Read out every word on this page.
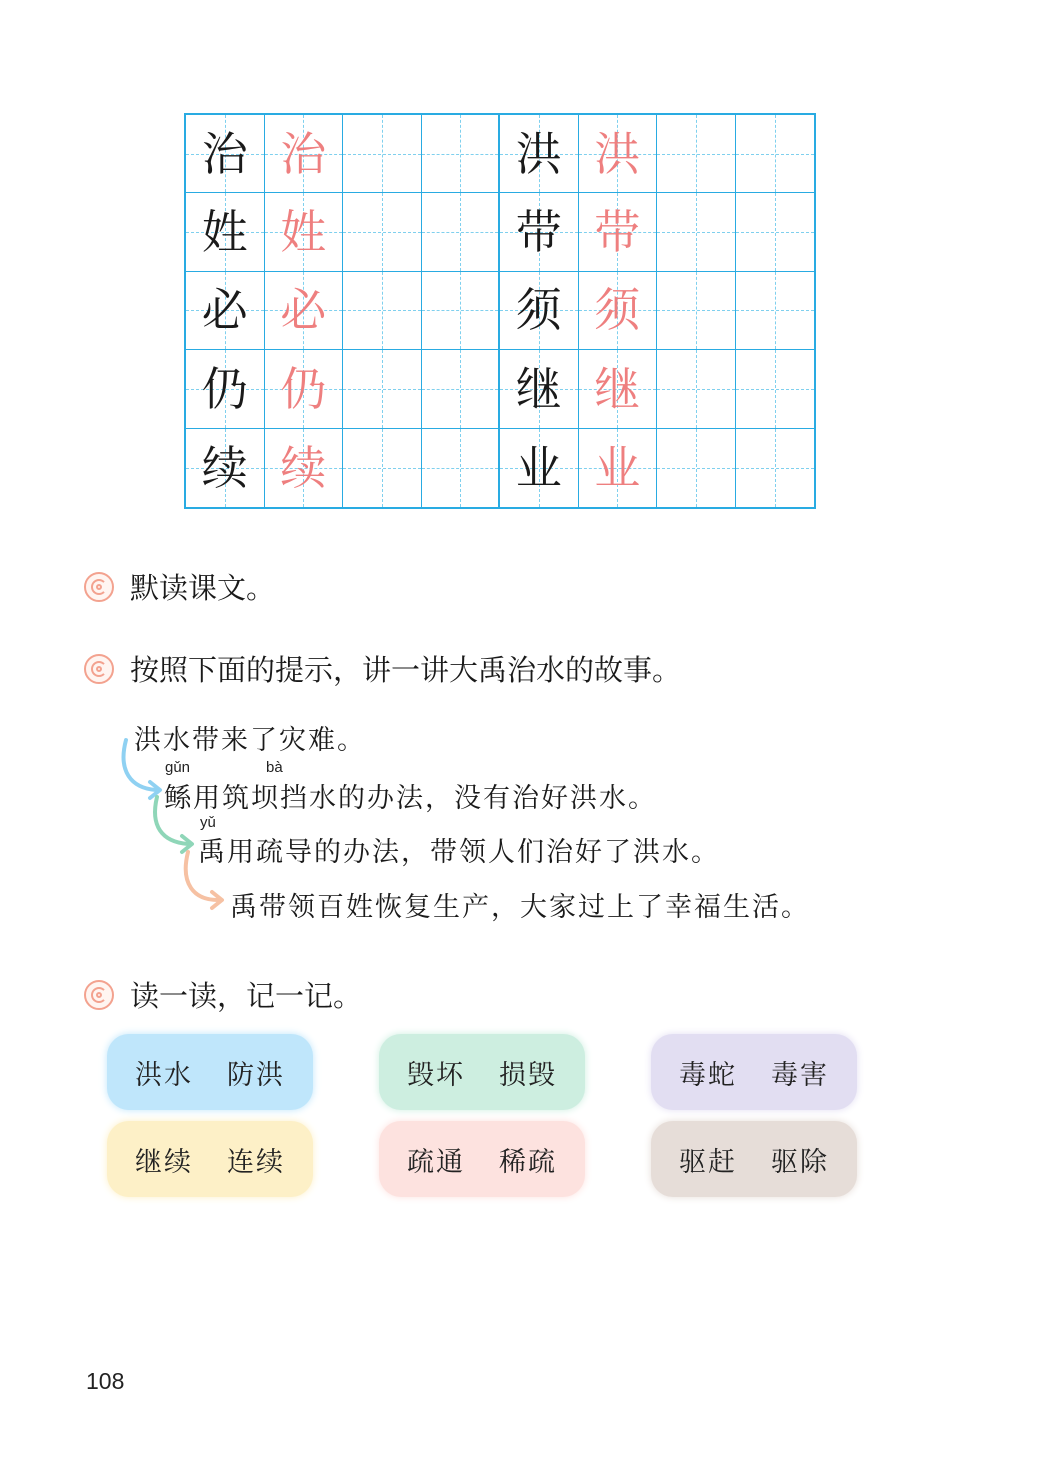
治 治	洪 洪
姓 姓	带 带
必 必	须 须
仍 仍	继 继
续 续	业 业
默读课文。
按照下面的提示，讲一讲大禹治水的故事。
洪水带来了灾难。
gǔn	bà
鲧用筑坝挡水的办法，没有治好洪水。
yǔ
禹用疏导的办法，带领人们治好了洪水。
禹带领百姓恢复生产，大家过上了幸福生活。
读一读，记一记。
洪水 防洪	毁坏 损毁	毒蛇 毒害
继续 连续	疏通 稀疏	驱赶 驱除
108
